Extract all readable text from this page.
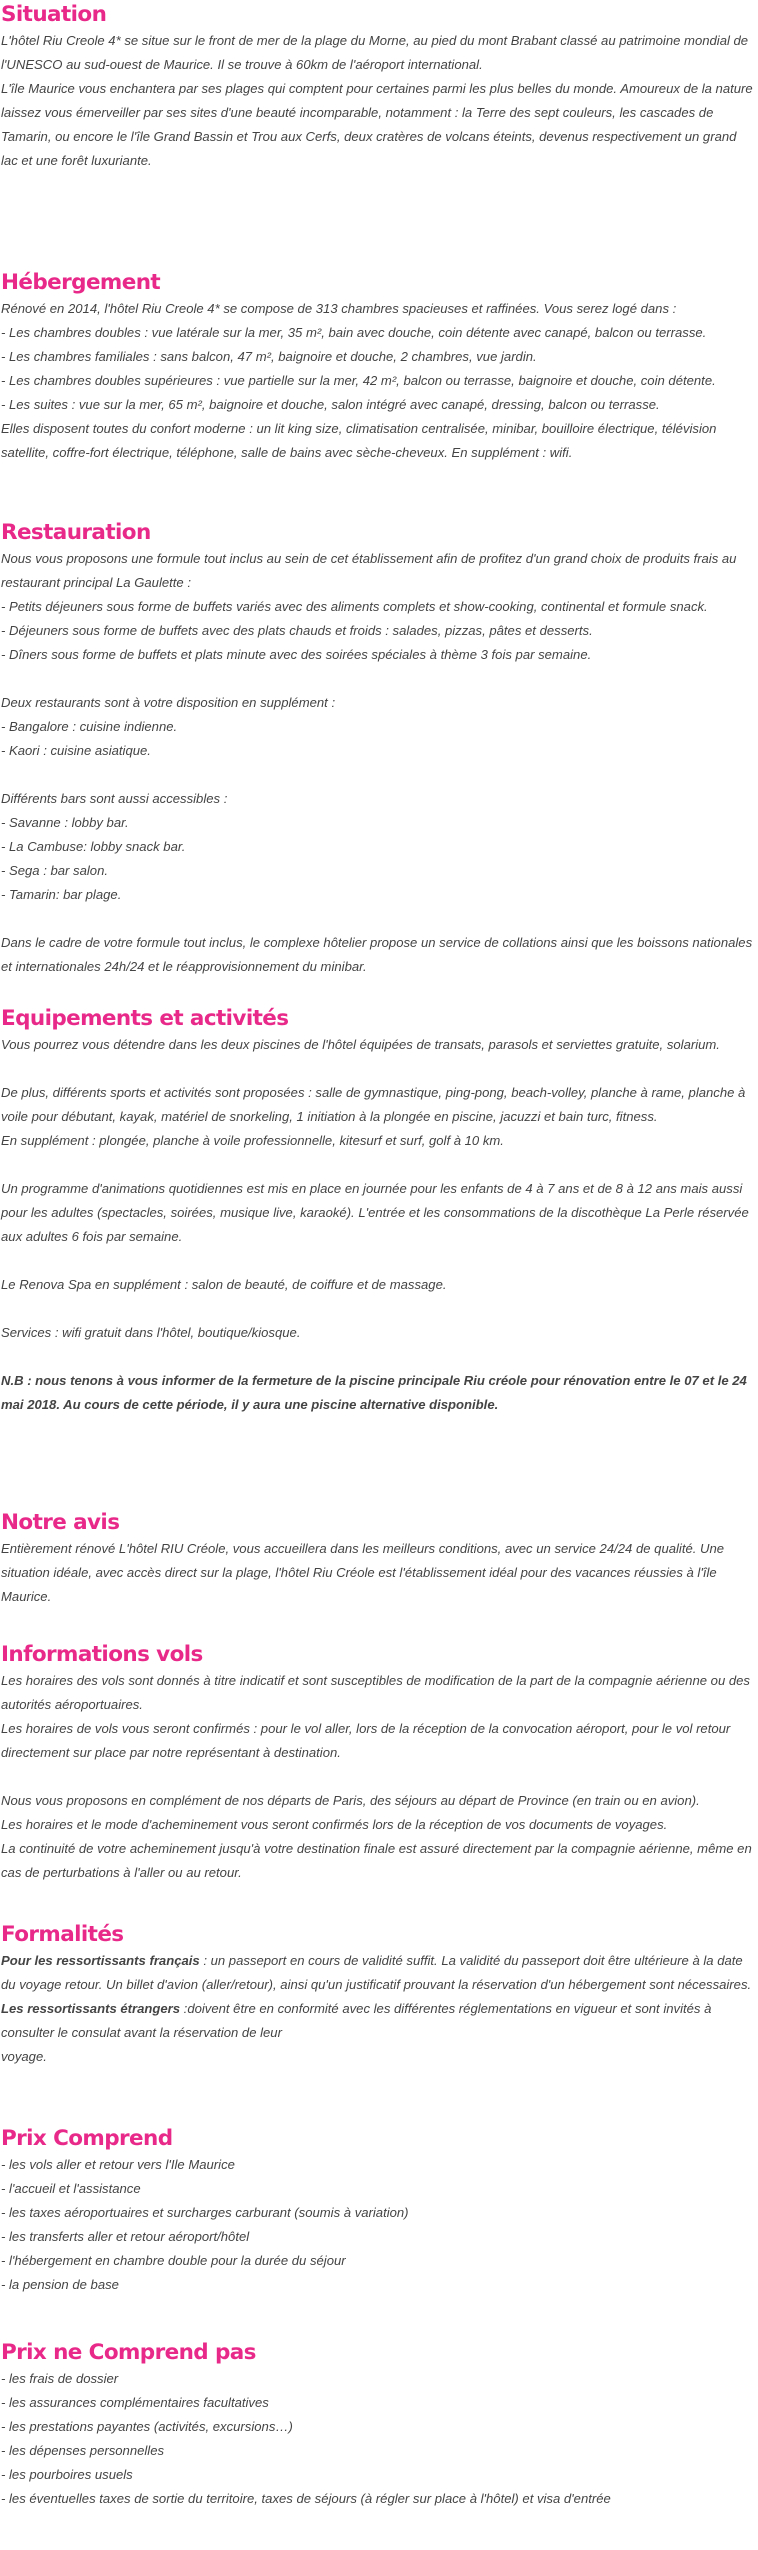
Situation

L'hôtel Riu Creole 4* se situe sur le front de mer de la plage du Morne, au pied du mont Brabant classé au patrimoine mondial de l'UNESCO au sud-ouest de Maurice. Il se trouve à 60km de l'aéroport international.

L'île Maurice vous enchantera par ses plages qui comptent pour certaines parmi les plus belles du monde. Amoureux de la nature laissez vous émerveiller par ses sites d'une beauté incomparable, notamment : la Terre des sept couleurs, les cascades de Tamarin, ou encore le l'île Grand Bassin et Trou aux Cerfs, deux cratères de volcans éteints, devenus respectivement un grand lac et une forêt luxuriante.

Hébergement

Rénové en 2014, l'hôtel Riu Creole 4* se compose de 313 chambres spacieuses et raffinées. Vous serez logé dans :

- Les chambres doubles : vue latérale sur la mer, 35 m², bain avec douche, coin détente avec canapé, balcon ou terrasse.

- Les chambres familiales : sans balcon, 47 m², baignoire et douche, 2 chambres, vue jardin.

- Les chambres doubles supérieures : vue partielle sur la mer, 42 m², balcon ou terrasse, baignoire et douche, coin détente.

- Les suites : vue sur la mer, 65 m², baignoire et douche, salon intégré avec canapé, dressing, balcon ou terrasse.

Elles disposent toutes du confort moderne : un lit king size, climatisation centralisée, minibar, bouilloire électrique, télévision satellite, coffre-fort électrique, téléphone, salle de bains avec sèche-cheveux. En supplément : wifi.

Restauration

Nous vous proposons une formule tout inclus au sein de cet établissement afin de profitez d'un grand choix de produits frais au restaurant principal La Gaulette :

- Petits déjeuners sous forme de buffets variés avec des aliments complets et show-cooking, continental et formule snack.

- Déjeuners sous forme de buffets avec des plats chauds et froids : salades, pizzas, pâtes et desserts.

- Dîners sous forme de buffets et plats minute avec des soirées spéciales à thème 3 fois par semaine.

Deux restaurants sont à votre disposition en supplément :

- Bangalore : cuisine indienne.

- Kaori : cuisine asiatique.

Différents bars sont aussi accessibles :

- Savanne : lobby bar.

- La Cambuse: lobby snack bar.

- Sega : bar salon.

- Tamarin: bar plage.

Dans le cadre de votre formule tout inclus, le complexe hôtelier propose un service de collations ainsi que les boissons nationales et internationales 24h/24 et le réapprovisionnement du minibar.

Equipements et activités

Vous pourrez vous détendre dans les deux piscines de l'hôtel équipées de transats, parasols et serviettes gratuite, solarium.

De plus, différents sports et activités sont proposées : salle de gymnastique, ping-pong, beach-volley, planche à rame, planche à voile pour débutant, kayak, matériel de snorkeling, 1 initiation à la plongée en piscine, jacuzzi et bain turc, fitness.

En supplément : plongée, planche à voile professionnelle, kitesurf et surf, golf à 10 km.

Un programme d'animations quotidiennes est mis en place en journée pour les enfants de 4 à 7 ans et de 8 à 12 ans mais aussi pour les adultes (spectacles, soirées, musique live, karaoké). L'entrée et les consommations de la discothèque La Perle réservée aux adultes 6 fois par semaine.

Le Renova Spa en supplément : salon de beauté, de coiffure et de massage.

Services : wifi gratuit dans l'hôtel, boutique/kiosque.

N.B : nous tenons à vous informer de la fermeture de la piscine principale Riu créole pour rénovation entre le 07 et le 24 mai 2018. Au cours de cette période, il y aura une piscine alternative disponible.

Notre avis

Entièrement rénové L'hôtel RIU Créole, vous accueillera dans les meilleurs conditions, avec un service 24/24 de qualité. Une situation idéale, avec accès direct sur la plage, l'hôtel Riu Créole est l'établissement idéal pour des vacances réussies à l'île Maurice.

Informations vols

Les horaires des vols sont donnés à titre indicatif et sont susceptibles de modification de la part de la compagnie aérienne ou des autorités aéroportuaires.

Les horaires de vols vous seront confirmés : pour le vol aller, lors de la réception de la convocation aéroport, pour le vol retour directement sur place par notre représentant à destination.

Nous vous proposons en complément de nos départs de Paris, des séjours au départ de Province (en train ou en avion).

Les horaires et le mode d'acheminement vous seront confirmés lors de la réception de vos documents de voyages.

La continuité de votre acheminement jusqu'à votre destination finale est assuré directement par la compagnie aérienne, même en cas de perturbations à l'aller ou au retour.

Formalités

Pour les ressortissants français : un passeport en cours de validité suffit. La validité du passeport doit être ultérieure à la date du voyage retour. Un billet d'avion (aller/retour), ainsi qu'un justificatif prouvant la réservation d'un hébergement sont nécessaires.

Les ressortissants étrangers :doivent être en conformité avec les différentes réglementations en vigueur et sont invités à consulter le consulat avant la réservation de leur

voyage.

Prix Comprend

- les vols aller et retour vers l'Ile Maurice

- l'accueil et l'assistance

- les taxes aéroportuaires et surcharges carburant (soumis à variation)

- les transferts aller et retour aéroport/hôtel

- l'hébergement en chambre double pour la durée du séjour

- la pension de base

Prix ne Comprend pas

- les frais de dossier

- les assurances complémentaires facultatives

- les prestations payantes (activités, excursions…)

- les dépenses personnelles

- les pourboires usuels

- les éventuelles taxes de sortie du territoire, taxes de séjours (à régler sur place à l'hôtel) et visa d'entrée
